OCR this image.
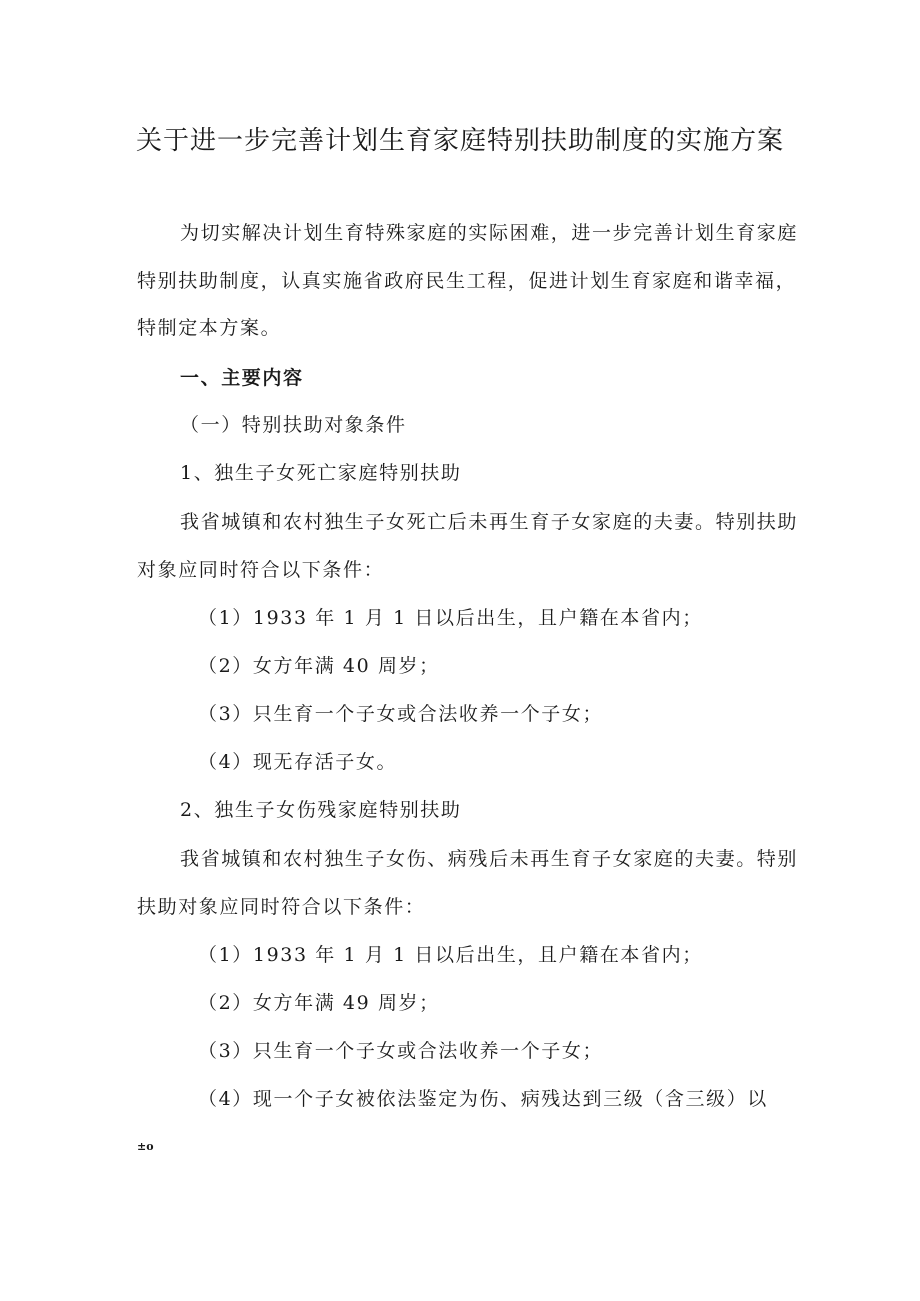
关于进一步完善计划生育家庭特别扶助制度的实施方案
为切实解决计划生育特殊家庭的实际困难，进一步完善计划生育家庭
特别扶助制度，认真实施省政府民生工程，促进计划生育家庭和谐幸福，
特制定本方案。
一、主要内容
（一）特别扶助对象条件
1、独生子女死亡家庭特别扶助
我省城镇和农村独生子女死亡后未再生育子女家庭的夫妻。特别扶助
对象应同时符合以下条件：
（1）1933 年 1 月 1 日以后出生，且户籍在本省内；
（2）女方年满 40 周岁；
（3）只生育一个子女或合法收养一个子女；
（4）现无存活子女。
2、独生子女伤残家庭特别扶助
我省城镇和农村独生子女伤、病残后未再生育子女家庭的夫妻。特别
扶助对象应同时符合以下条件：
（1）1933 年 1 月 1 日以后出生，且户籍在本省内；
（2）女方年满 49 周岁；
（3）只生育一个子女或合法收养一个子女；
（4）现一个子女被依法鉴定为伤、病残达到三级（含三级）以
±o
